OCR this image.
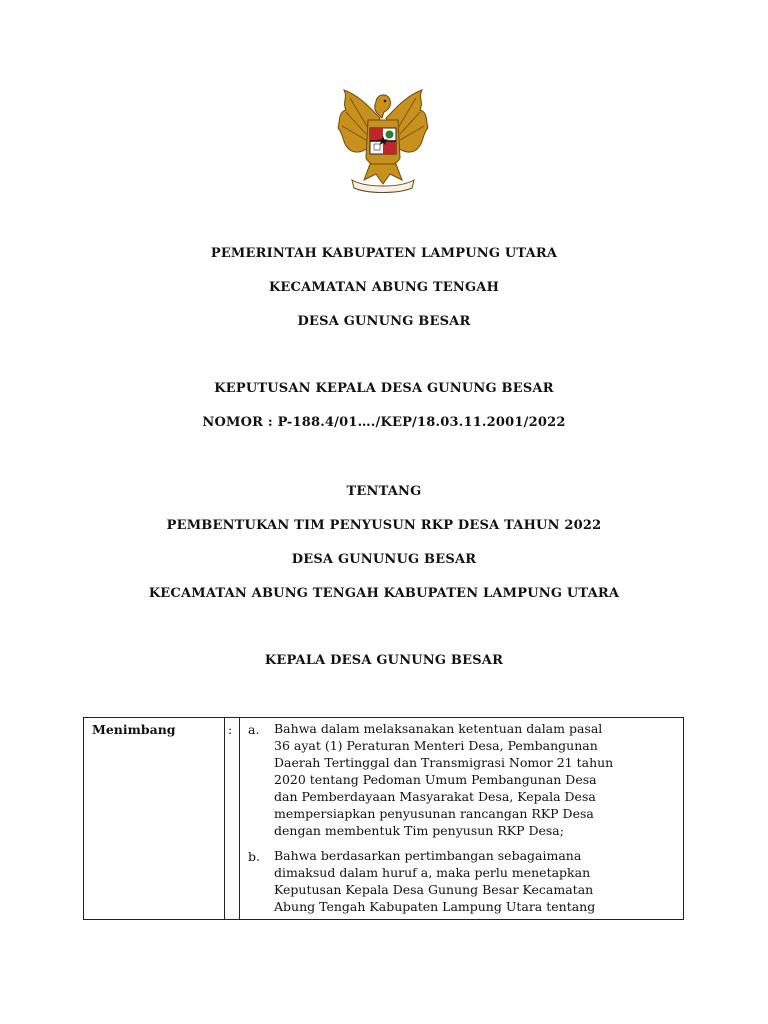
PEMERINTAH KABUPATEN LAMPUNG UTARA
KECAMATAN ABUNG TENGAH
DESA GUNUNG BESAR
KEPUTUSAN KEPALA DESA GUNUNG BESAR
NOMOR : P-188.4/01…./KEP/18.03.11.2001/2022
TENTANG
PEMBENTUKAN TIM PENYUSUN RKP DESA TAHUN 2022
DESA GUNUNUG BESAR
KECAMATAN ABUNG TENGAH KABUPATEN LAMPUNG UTARA
KEPALA DESA GUNUNG BESAR
Menimbang	: a. Bahwa dalam melaksanakan ketentuan dalam pasal
36 ayat (1) Peraturan Menteri Desa, Pembangunan
Daerah Tertinggal dan Transmigrasi Nomor 21 tahun
2020 tentang Pedoman Umum Pembangunan Desa
dan Pemberdayaan Masyarakat Desa, Kepala Desa
mempersiapkan penyusunan rancangan RKP Desa
dengan membentuk Tim penyusun RKP Desa;
b. Bahwa berdasarkan pertimbangan sebagaimana
dimaksud dalam huruf a, maka perlu menetapkan
Keputusan Kepala Desa Gunung Besar Kecamatan
Abung Tengah Kabupaten Lampung Utara tentang
